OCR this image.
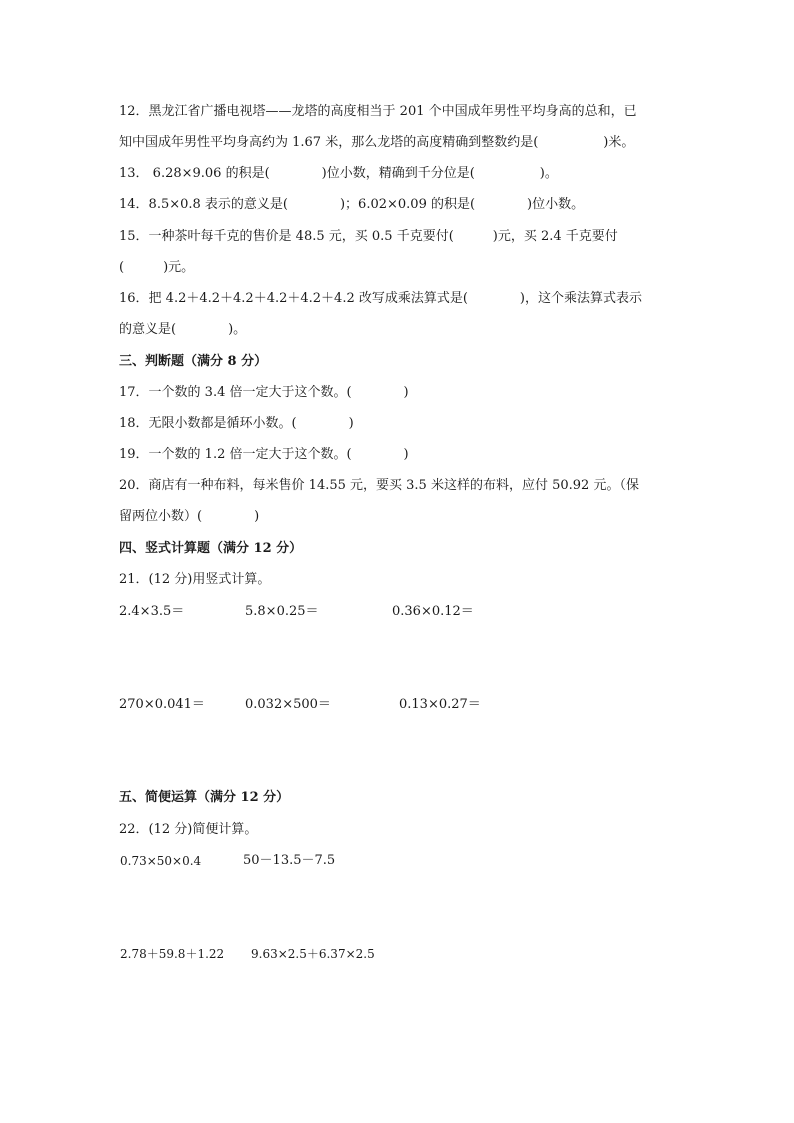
12．黑龙江省广播电视塔——龙塔的高度相当于 201 个中国成年男性平均身高的总和，已
知中国成年男性平均身高约为 1.67 米，那么龙塔的高度精确到整数约是(　　　　　)米。
13． 6.28×9.06 的积是(　　　　)位小数，精确到千分位是(　　　　　)。
14．8.5×0.8 表示的意义是(　　　　)；6.02×0.09 的积是(　　　　)位小数。
15．一种茶叶每千克的售价是 48.5 元，买 0.5 千克要付(　　　)元，买 2.4 千克要付
(　　　)元。
16．把 4.2＋4.2＋4.2＋4.2＋4.2＋4.2 改写成乘法算式是(　　　　)，这个乘法算式表示
的意义是(　　　　)。
三、判断题（满分 8 分）
17．一个数的 3.4 倍一定大于这个数。(　　　　)
18．无限小数都是循环小数。(　　　　)
19．一个数的 1.2 倍一定大于这个数。(　　　　)
20．商店有一种布料，每米售价 14.55 元，要买 3.5 米这样的布料，应付 50.92 元。（保
留两位小数）(　　　　)
四、竖式计算题（满分 12 分）
21．(12 分)用竖式计算。
2.4×3.5＝	5.8×0.25＝	0.36×0.12＝
270×0.041＝	0.032×500＝	0.13×0.27＝
五、简便运算（满分 12 分）
22．(12 分)简便计算。
0.73×50×0.4	50－13.5－7.5
2.78＋59.8＋1.22 9.63×2.5＋6.37×2.5
